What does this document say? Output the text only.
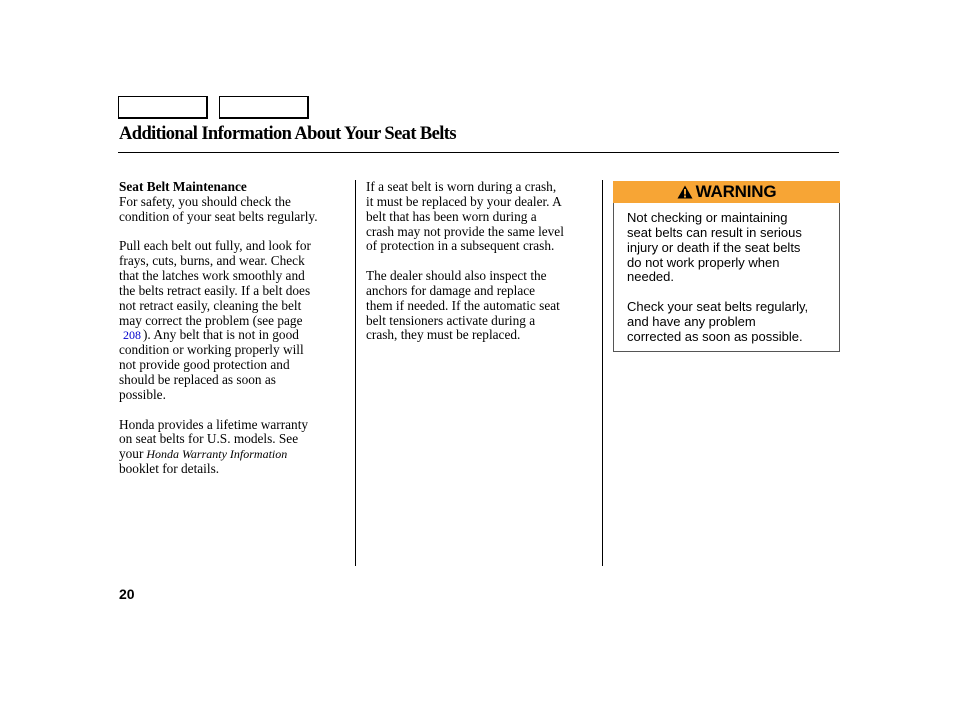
Additional Information About Your Seat Belts

Seat Belt Maintenance
For safety, you should check the
condition of your seat belts regularly.

Pull each belt out fully, and look for
frays, cuts, burns, and wear. Check
that the latches work smoothly and
the belts retract easily. If a belt does
not retract easily, cleaning the belt
may correct the problem (see page
208 ). Any belt that is not in good
condition or working properly will
not provide good protection and
should be replaced as soon as
possible.

Honda provides a lifetime warranty
on seat belts for U.S. models. See
your Honda Warranty Information
booklet for details.

If a seat belt is worn during a crash,
it must be replaced by your dealer. A
belt that has been worn during a
crash may not provide the same level
of protection in a subsequent crash.

The dealer should also inspect the
anchors for damage and replace
them if needed. If the automatic seat
belt tensioners activate during a
crash, they must be replaced.

WARNING

Not checking or maintaining
seat belts can result in serious
injury or death if the seat belts
do not work properly when
needed.

Check your seat belts regularly,
and have any problem
corrected as soon as possible.

20
